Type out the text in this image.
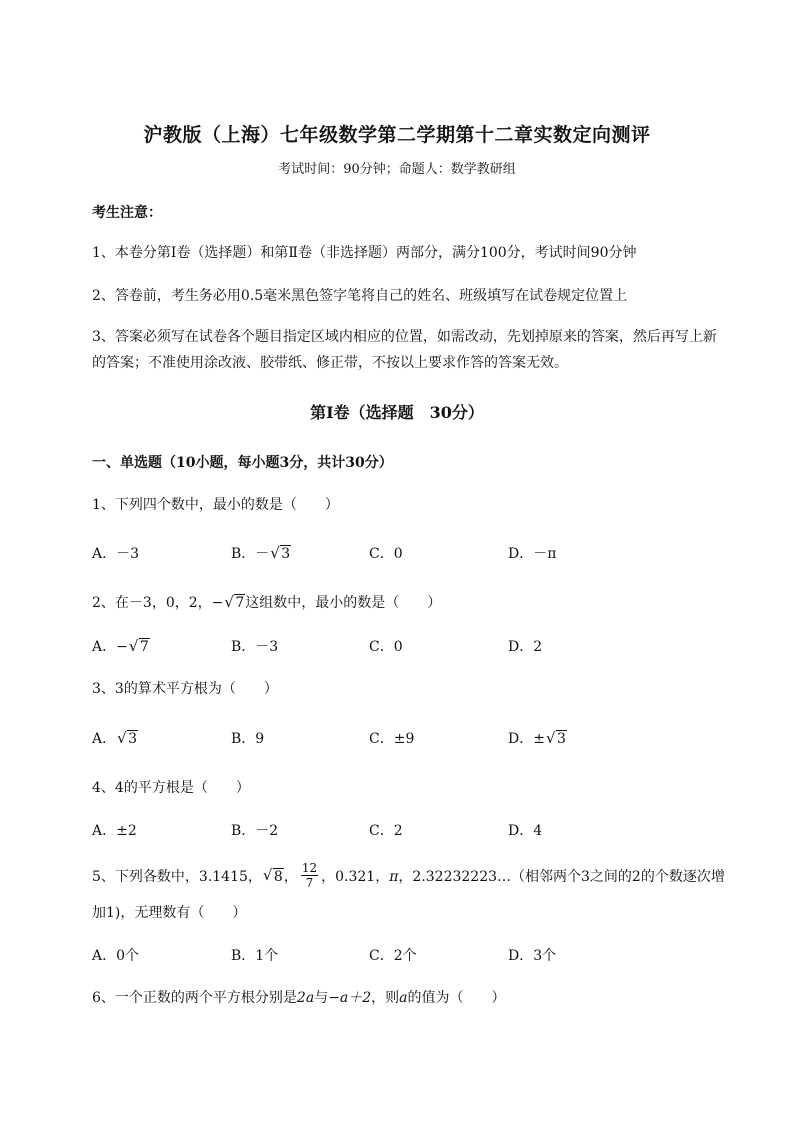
沪教版（上海）七年级数学第二学期第十二章实数定向测评
考试时间：90分钟；命题人：数学教研组
考生注意：
1、本卷分第I卷（选择题）和第Ⅱ卷（非选择题）两部分，满分100分，考试时间90分钟
2、答卷前，考生务必用0.5毫米黑色签字笔将自己的姓名、班级填写在试卷规定位置上
3、答案必须写在试卷各个题目指定区域内相应的位置，如需改动，先划掉原来的答案，然后再写上新
的答案；不准使用涂改液、胶带纸、修正带，不按以上要求作答的答案无效。
第I卷（选择题　30分）
一、单选题（10小题，每小题3分，共计30分）
1、下列四个数中，最小的数是（　　）
A．－3	B．－ √ 3	C．0	D．－π
2、在－3，0，2，− √ 7这组数中，最小的数是（　　）
A．− √ 7	B．－3	C．0	D．2
3、3的算术平方根为（　　）
A． √ 3	B．9	C．±9	D．± √ 3
4、4的平方根是（　　）
A．±2	B．－2	C．2	D．4
5、下列各数中，3.1415， √ 8， $\frac{12}{7}$ ，0.321，π，2.32232223…（相邻两个3之间的2的个数逐次增
加1)，无理数有（　　）
A．0个	B．1个	C．2个	D．3个
6、一个正数的两个平方根分别是2a与−a＋2，则a的值为（　　）
